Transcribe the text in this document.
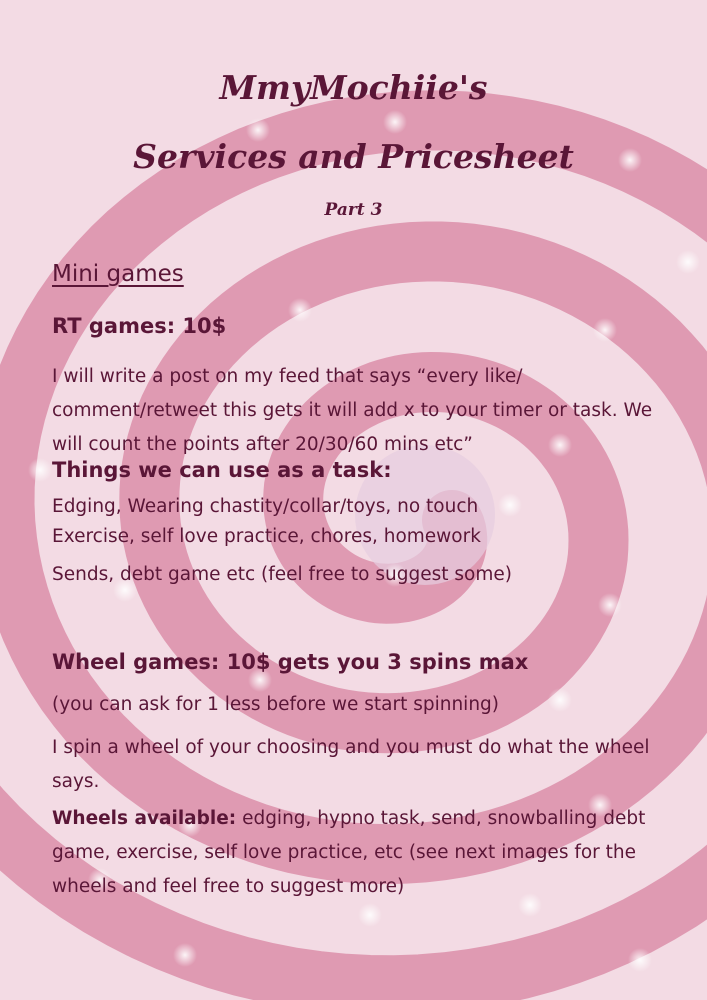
MmyMochiie's
Services and Pricesheet
Part 3
Mini games
RT games: 10$
I will write a post on my feed that says “every like/ comment/retweet this gets it will add x to your timer or task. We will count the points after 20/30/60 mins etc”
Things we can use as a task:
Edging, Wearing chastity/collar/toys, no touch
Exercise, self love practice, chores, homework
Sends, debt game etc (feel free to suggest some)
Wheel games: 10$ gets you 3 spins max
(you can ask for 1 less before we start spinning)
I spin a wheel of your choosing and you must do what the wheel says.
Wheels available: edging, hypno task, send, snowballing debt game, exercise, self love practice, etc (see next images for the wheels and feel free to suggest more)
